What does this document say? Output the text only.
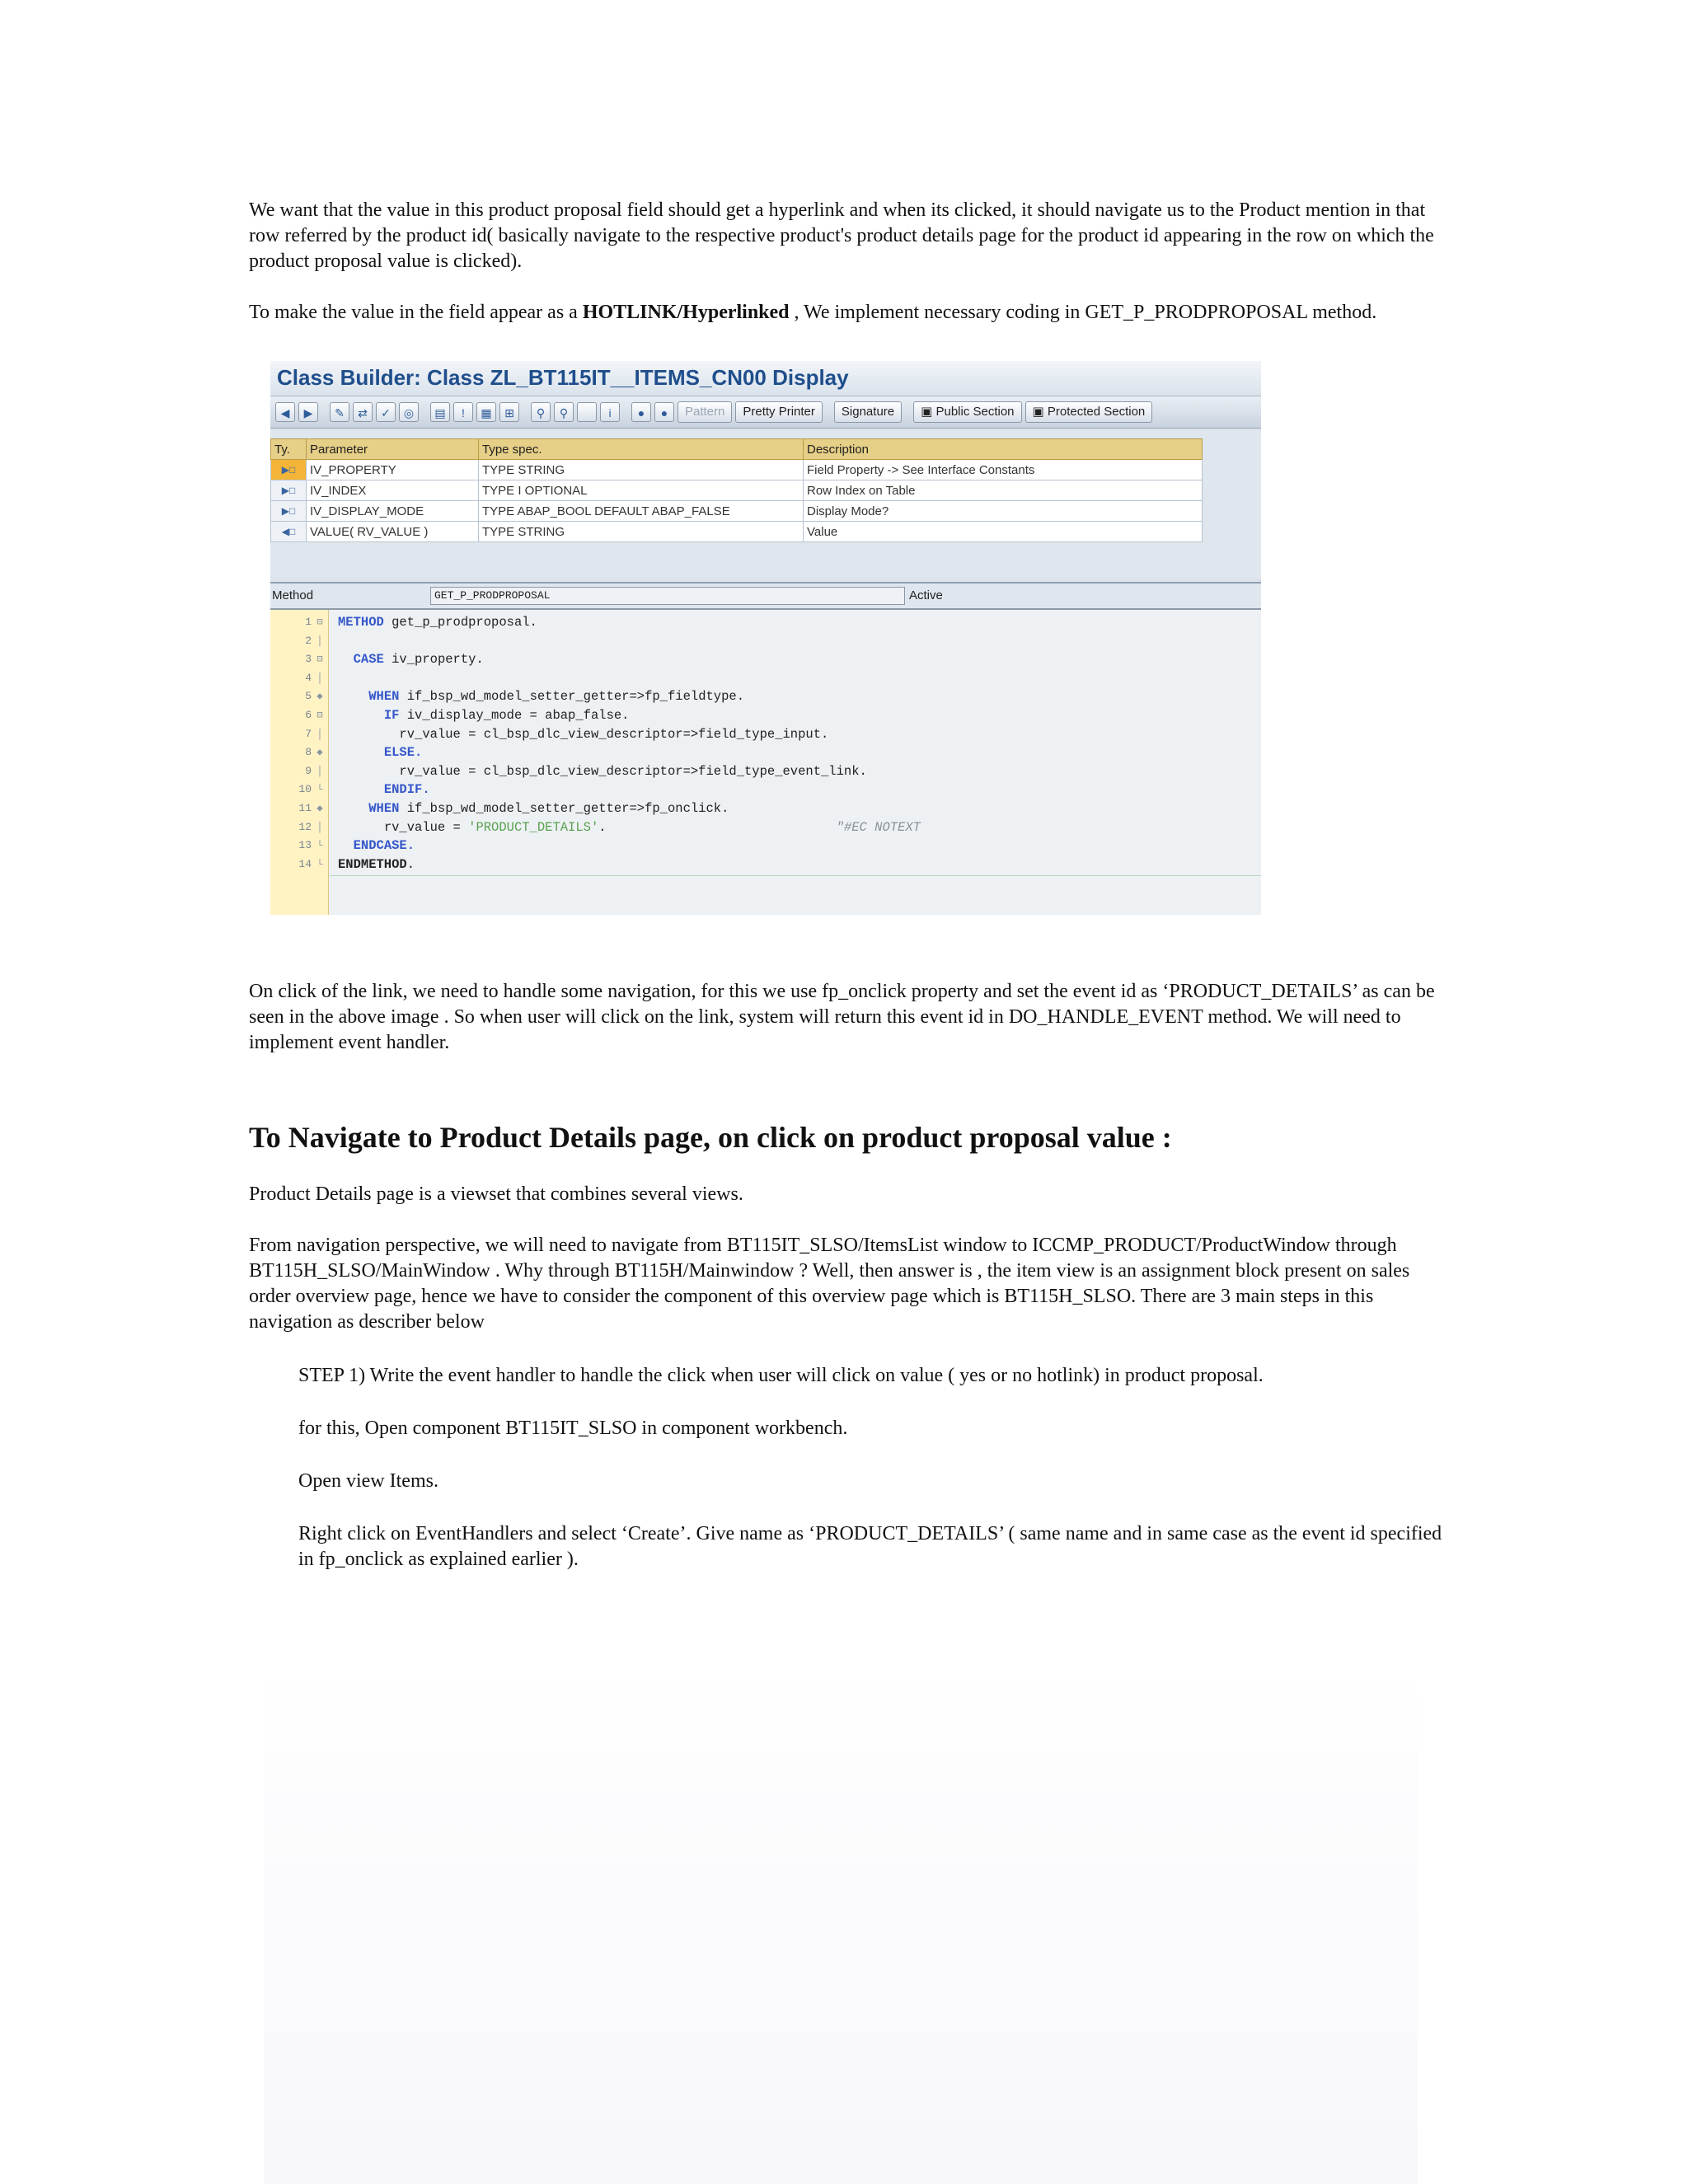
We want that the value in this product proposal field should get a hyperlink and when its clicked, it should navigate us to the Product mention in that row referred by the product id( basically navigate to the respective product's product details page for the product id appearing in the row on which the product proposal value is clicked).

To make the value in the field appear as a HOTLINK/Hyperlinked , We implement necessary coding in GET_P_PRODPROPOSAL method.

Class Builder: Class ZL_BT115IT__ITEMS_CN00 Display
◀	▶	✎	⇄	✓	◎	▤	!	▦	⊞	⚲	⚲	i	●	●	Pattern	Pretty Printer	Signature	▣ Public Section	▣ Protected Section
Ty.	Parameter	Type spec.	Description
▶□	IV_PROPERTY	TYPE STRING	Field Property -> See Interface Constants
▶□	IV_INDEX	TYPE I OPTIONAL	Row Index on Table
▶□	IV_DISPLAY_MODE	TYPE ABAP_BOOL DEFAULT ABAP_FALSE	Display Mode?
◀□	VALUE( RV_VALUE )	TYPE STRING	Value
Method	GET_P_PRODPROPOSAL	Active
1 ⊟ METHOD get_p_prodproposal.
2 │
3 ⊟	CASE iv_property.
4 │
5 ◆	WHEN if_bsp_wd_model_setter_getter=>fp_fieldtype.
6 ⊟	IF iv_display_mode = abap_false.
7 │	rv_value = cl_bsp_dlc_view_descriptor=>field_type_input.
8 ◆	ELSE.
9 │	rv_value = cl_bsp_dlc_view_descriptor=>field_type_event_link.
10 └	ENDIF.
11 ◆	WHEN if_bsp_wd_model_setter_getter=>fp_onclick.
12 │	rv_value = 'PRODUCT_DETAILS'.	"#EC NOTEXT
13 └	ENDCASE.
14 └ ENDMETHOD.

On click of the link, we need to handle some navigation, for this we use fp_onclick property and set the event id as ‘PRODUCT_DETAILS’ as can be seen in the above image . So when user will click on the link, system will return this event id in DO_HANDLE_EVENT method. We will need to implement event handler.

To Navigate to Product Details page, on click on product proposal value :

Product Details page is a viewset that combines several views.

From navigation perspective, we will need to navigate from BT115IT_SLSO/ItemsList window to ICCMP_PRODUCT/ProductWindow through BT115H_SLSO/MainWindow . Why through BT115H/Mainwindow ? Well, then answer is , the item view is an assignment block present on sales order overview page, hence we have to consider the component of this overview page which is BT115H_SLSO. There are 3 main steps in this navigation as describer below

STEP 1) Write the event handler to handle the click when user will click on value ( yes or no hotlink) in product proposal.

for this, Open component BT115IT_SLSO in component workbench.

Open view Items.

Right click on EventHandlers and select ‘Create’. Give name as ‘PRODUCT_DETAILS’ ( same name and in same case as the event id specified in fp_onclick as explained earlier ).
